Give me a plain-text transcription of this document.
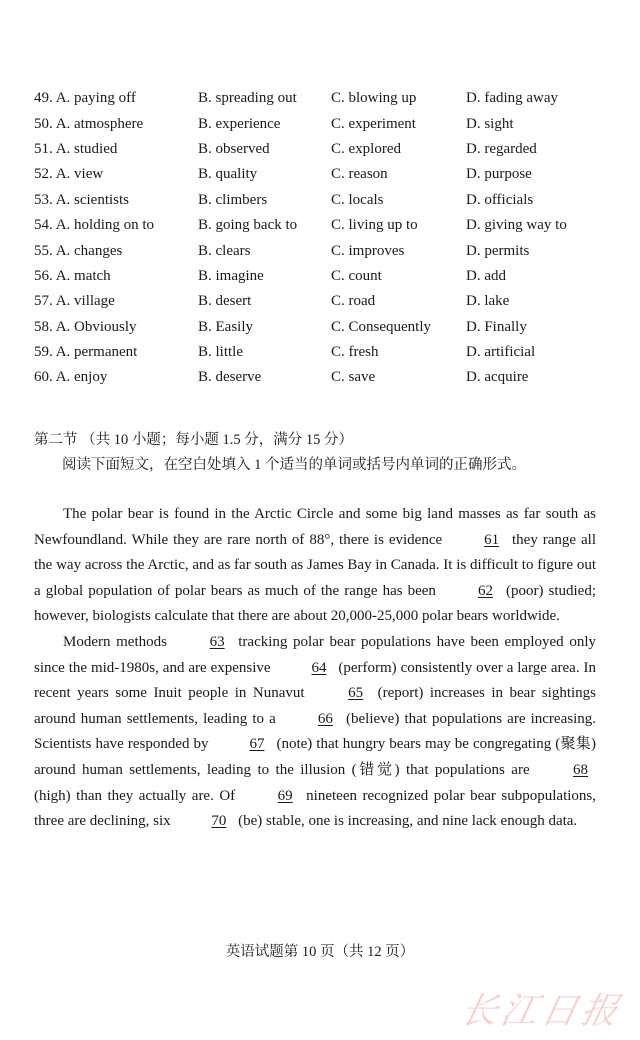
49. A. paying off	B. spreading out	C. blowing up	D. fading away
50. A. atmosphere	B. experience	C. experiment	D. sight
51. A. studied	B. observed	C. explored	D. regarded
52. A. view	B. quality	C. reason	D. purpose
53. A. scientists	B. climbers	C. locals	D. officials
54. A. holding on to	B. going back to	C. living up to	D. giving way to
55. A. changes	B. clears	C. improves	D. permits
56. A. match	B. imagine	C. count	D. add
57. A. village	B. desert	C. road	D. lake
58. A. Obviously	B. Easily	C. Consequently	D. Finally
59. A. permanent	B. little	C. fresh	D. artificial
60. A. enjoy	B. deserve	C. save	D. acquire
第二节 （共 10 小题；每小题 1.5 分，满分 15 分）
阅读下面短文，在空白处填入 1 个适当的单词或括号内单词的正确形式。

The polar bear is found in the Arctic Circle and some big land masses as far south as Newfoundland. While they are rare north of 88°, there is evidence 61 they range all the way across the Arctic, and as far south as James Bay in Canada. It is difficult to figure out a global population of polar bears as much of the range has been 62 (poor) studied; however, biologists calculate that there are about 20,000-25,000 polar bears worldwide.

Modern methods 63 tracking polar bear populations have been employed only since the mid-1980s, and are expensive 64 (perform) consistently over a large area. In recent years some Inuit people in Nunavut 65 (report) increases in bear sightings around human settlements, leading to a 66 (believe) that populations are increasing. Scientists have responded by 67 (note) that hungry bears may be congregating (聚集) around human settlements, leading to the illusion (错觉) that populations are 68 (high) than they actually are. Of 69 nineteen recognized polar bear subpopulations, three are declining, six 70 (be) stable, one is increasing, and nine lack enough data.

英语试题第 10 页（共 12 页）
长江日报
